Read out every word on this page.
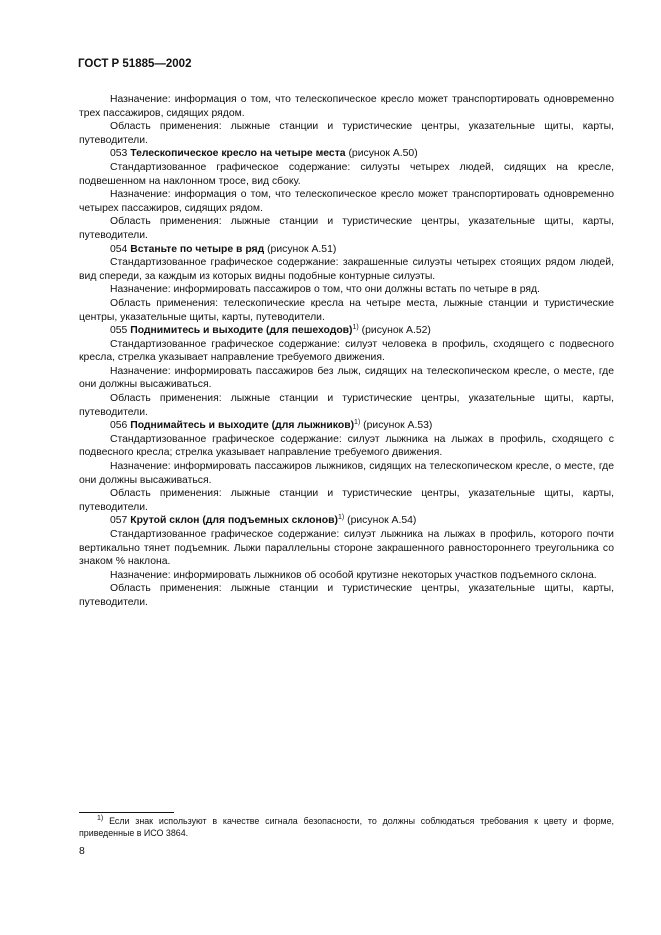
ГОСТ Р 51885—2002

Назначение: информация о том, что телескопическое кресло может транспортировать одновременно трех пассажиров, сидящих рядом.

Область применения: лыжные станции и туристические центры, указательные щиты, карты, путеводители.

053 Телескопическое кресло на четыре места (рисунок А.50)

Стандартизованное графическое содержание: силуэты четырех людей, сидящих на кресле, подвешенном на наклонном тросе, вид сбоку.

Назначение: информация о том, что телескопическое кресло может транспортировать одновременно четырех пассажиров, сидящих рядом.

Область применения: лыжные станции и туристические центры, указательные щиты, карты, путеводители.

054 Встаньте по четыре в ряд (рисунок А.51)

Стандартизованное графическое содержание: закрашенные силуэты четырех стоящих рядом людей, вид спереди, за каждым из которых видны подобные контурные силуэты.

Назначение: информировать пассажиров о том, что они должны встать по четыре в ряд.

Область применения: телескопические кресла на четыре места, лыжные станции и туристические центры, указательные щиты, карты, путеводители.

055 Поднимитесь и выходите (для пешеходов)$^{1)}$ (рисунок А.52)

Стандартизованное графическое содержание: силуэт человека в профиль, сходящего с подвесного кресла, стрелка указывает направление требуемого движения.

Назначение: информировать пассажиров без лыж, сидящих на телескопическом кресле, о месте, где они должны высаживаться.

Область применения: лыжные станции и туристические центры, указательные щиты, карты, путеводители.

056 Поднимайтесь и выходите (для лыжников)$^{1)}$ (рисунок А.53)

Стандартизованное графическое содержание: силуэт лыжника на лыжах в профиль, сходящего с подвесного кресла; стрелка указывает направление требуемого движения.

Назначение: информировать пассажиров лыжников, сидящих на телескопическом кресле, о месте, где они должны высаживаться.

Область применения: лыжные станции и туристические центры, указательные щиты, карты, путеводители.

057 Крутой склон (для подъемных склонов)$^{1)}$ (рисунок А.54)

Стандартизованное графическое содержание: силуэт лыжника на лыжах в профиль, которого почти вертикально тянет подъемник. Лыжи параллельны стороне закрашенного равностороннего треугольника со знаком % наклона.

Назначение: информировать лыжников об особой крутизне некоторых участков подъемного склона.

Область применения: лыжные станции и туристические центры, указательные щиты, карты, путеводители.

$^{1)}$ Если знак используют в качестве сигнала безопасности, то должны соблюдаться требования к цвету и форме, приведенные в ИСО 3864.

8
